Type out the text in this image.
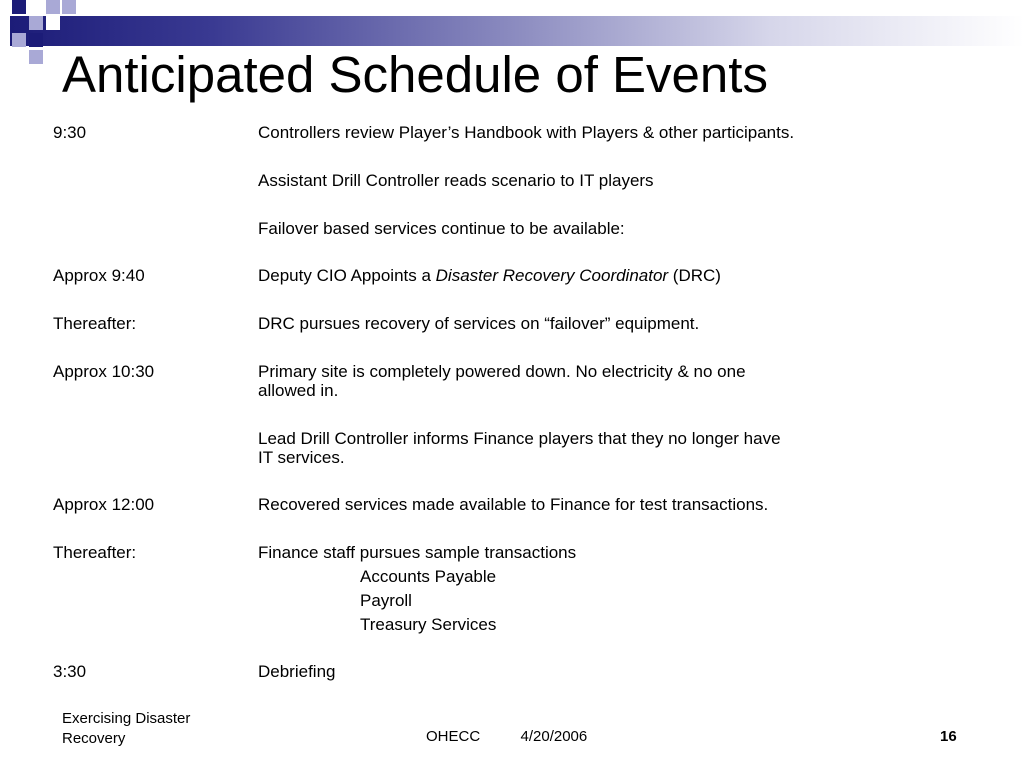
Anticipated Schedule of Events
9:30	Controllers review Player’s Handbook with Players & other participants.
Assistant Drill Controller reads scenario to IT players
Failover based services continue to be available:
Approx 9:40	Deputy CIO Appoints a Disaster Recovery Coordinator (DRC)
Thereafter:	DRC pursues recovery of services on “failover” equipment.
Approx 10:30	Primary site is completely powered down. No electricity & no one
allowed in.
Lead Drill Controller informs Finance players that they no longer have
IT services.
Approx 12:00	Recovered services made available to Finance for test transactions.
Thereafter:	Finance staff pursues sample transactions
Accounts Payable
Payroll
Treasury Services
3:30	Debriefing
Exercising Disaster
Recovery	OHECC	4/20/2006	16
